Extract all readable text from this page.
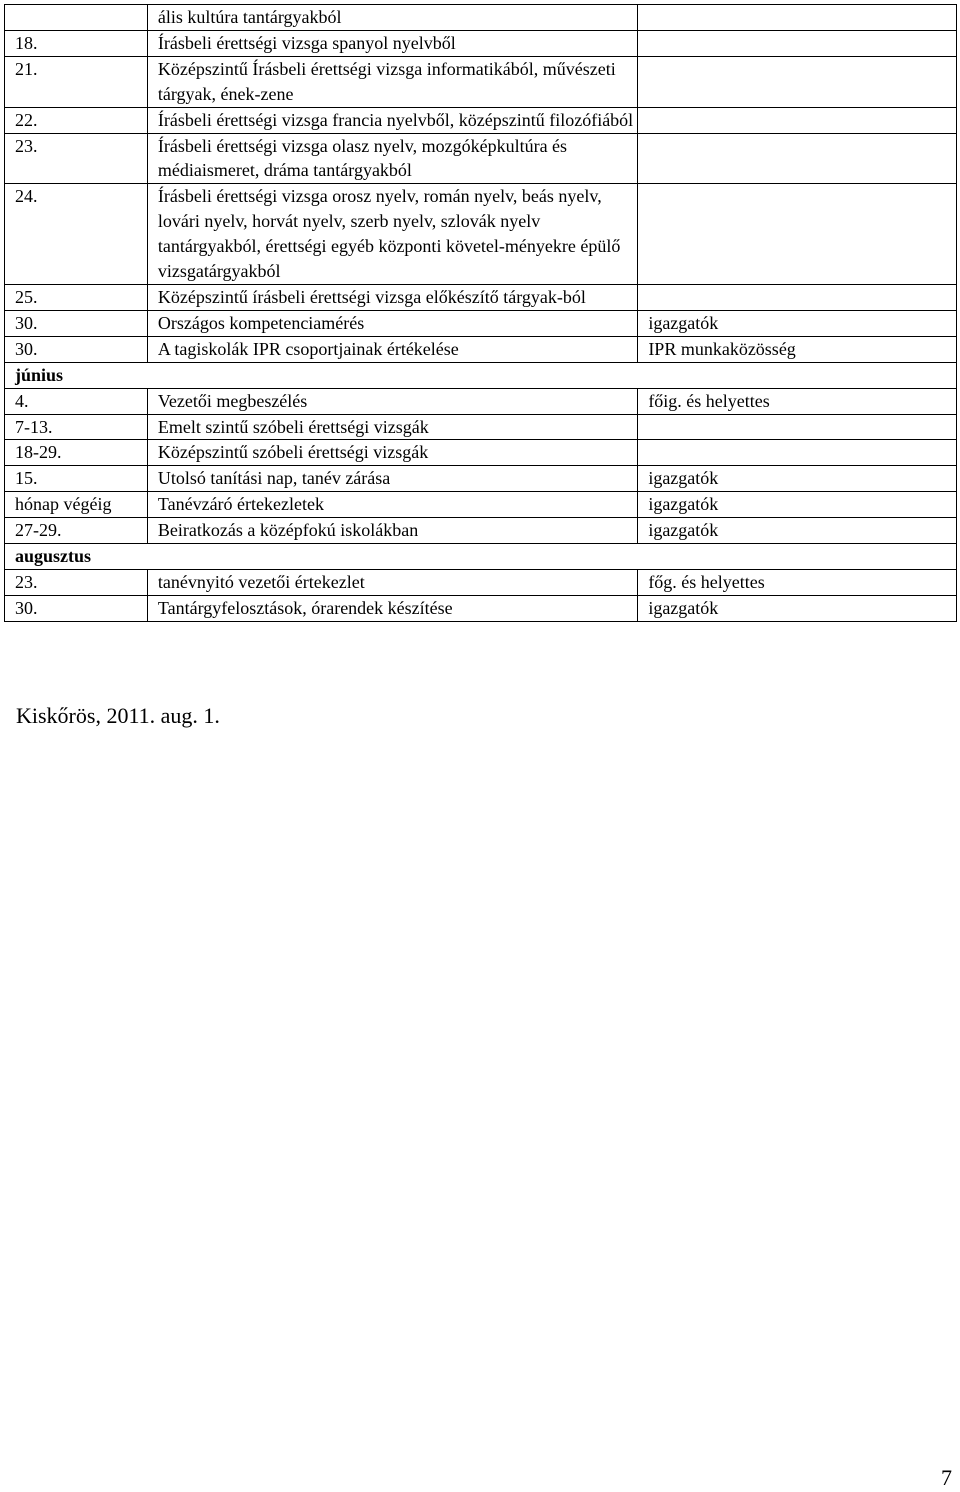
	ális kultúra tantárgyakból	
18.	Írásbeli érettségi vizsga spanyol nyelvből	
21.	Középszintű Írásbeli érettségi vizsga informatikából, művészeti tárgyak, ének-zene	
22.	Írásbeli érettségi vizsga francia nyelvből, középszintű filozófiából	
23.	Írásbeli érettségi vizsga olasz nyelv, mozgóképkultúra és médiaismeret, dráma tantárgyakból	
24.	Írásbeli érettségi vizsga orosz nyelv, román nyelv, beás nyelv, lovári nyelv, horvát nyelv, szerb nyelv, szlovák nyelv tantárgyakból, érettségi egyéb központi követel-ményekre épülő vizsgatárgyakból	
25.	Középszintű írásbeli érettségi vizsga előkészítő tárgyak-ból	
30.	Országos kompetenciamérés	igazgatók
30.	A tagiskolák IPR csoportjainak értékelése	IPR munkaközösség
június		
4.	Vezetői megbeszélés	főig. és helyettes
7-13.	Emelt szintű szóbeli érettségi vizsgák	
18-29.	Középszintű szóbeli érettségi vizsgák	
15.	Utolsó tanítási nap, tanév zárása	igazgatók
hónap végéig	Tanévzáró értekezletek	igazgatók
27-29.	Beiratkozás a középfokú iskolákban	igazgatók
augusztus		
23.	tanévnyitó vezetői értekezlet	főg. és helyettes
30.	Tantárgyfelosztások, órarendek készítése	igazgatók
Kiskőrös, 2011. aug. 1.
7
